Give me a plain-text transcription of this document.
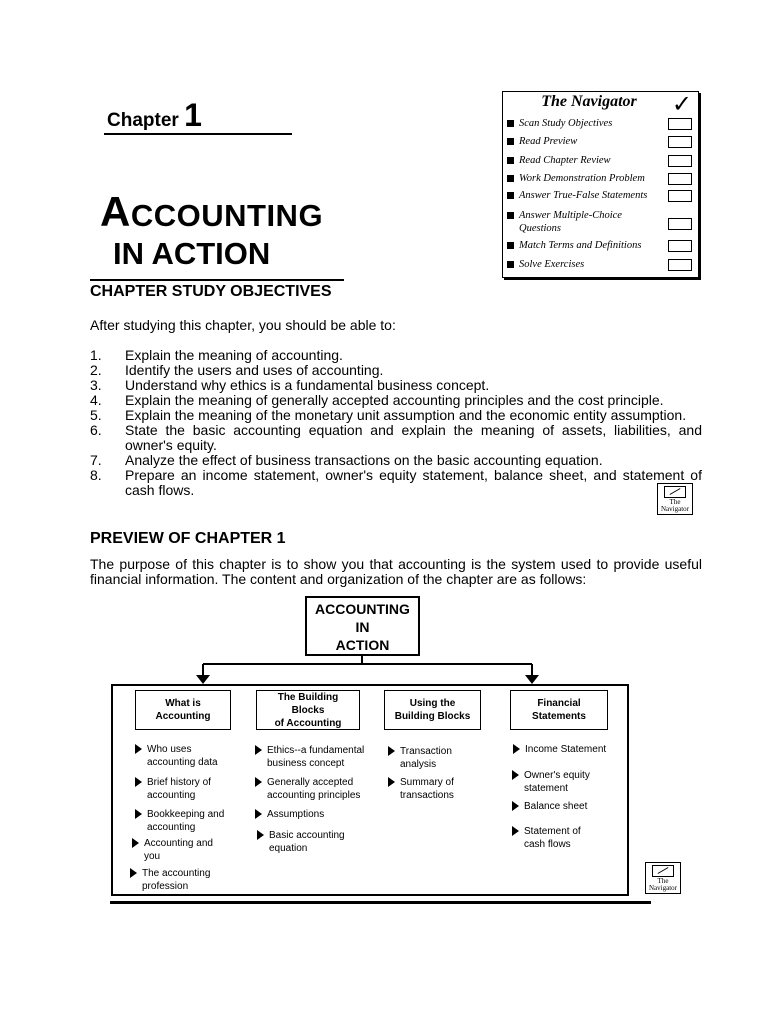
Chapter 1
ACCOUNTING
IN ACTION
The Navigator	✓
Scan Study Objectives
Read Preview
Read Chapter Review
Work Demonstration Problem
Answer True-False Statements
Answer Multiple-Choice Questions
Match Terms and Definitions
Solve Exercises
CHAPTER STUDY OBJECTIVES
After studying this chapter, you should be able to:
1. Explain the meaning of accounting.
2. Identify the users and uses of accounting.
3. Understand why ethics is a fundamental business concept.
4. Explain the meaning of generally accepted accounting principles and the cost principle.
5. Explain the meaning of the monetary unit assumption and the economic entity assumption.
6. State the basic accounting equation and explain the meaning of assets, liabilities, and owner's equity.
7. Analyze the effect of business transactions on the basic accounting equation.
8. Prepare an income statement, owner's equity statement, balance sheet, and statement of cash flows.
The
Navigator
PREVIEW OF CHAPTER 1
The purpose of this chapter is to show you that accounting is the system used to provide useful financial information. The content and organization of the chapter are as follows:
ACCOUNTING
IN
ACTION
What is
Accounting
The Building Blocks
of Accounting
Using the
Building Blocks
Financial
Statements
Who uses
accounting data
Brief history of
accounting
Bookkeeping and
accounting
Accounting and
you
The accounting
profession
Ethics--a fundamental
business concept
Generally accepted
accounting principles
Assumptions
Basic accounting
equation
Transaction
analysis
Summary of
transactions
Income Statement
Owner's equity
statement
Balance sheet
Statement of
cash flows
The
Navigator
